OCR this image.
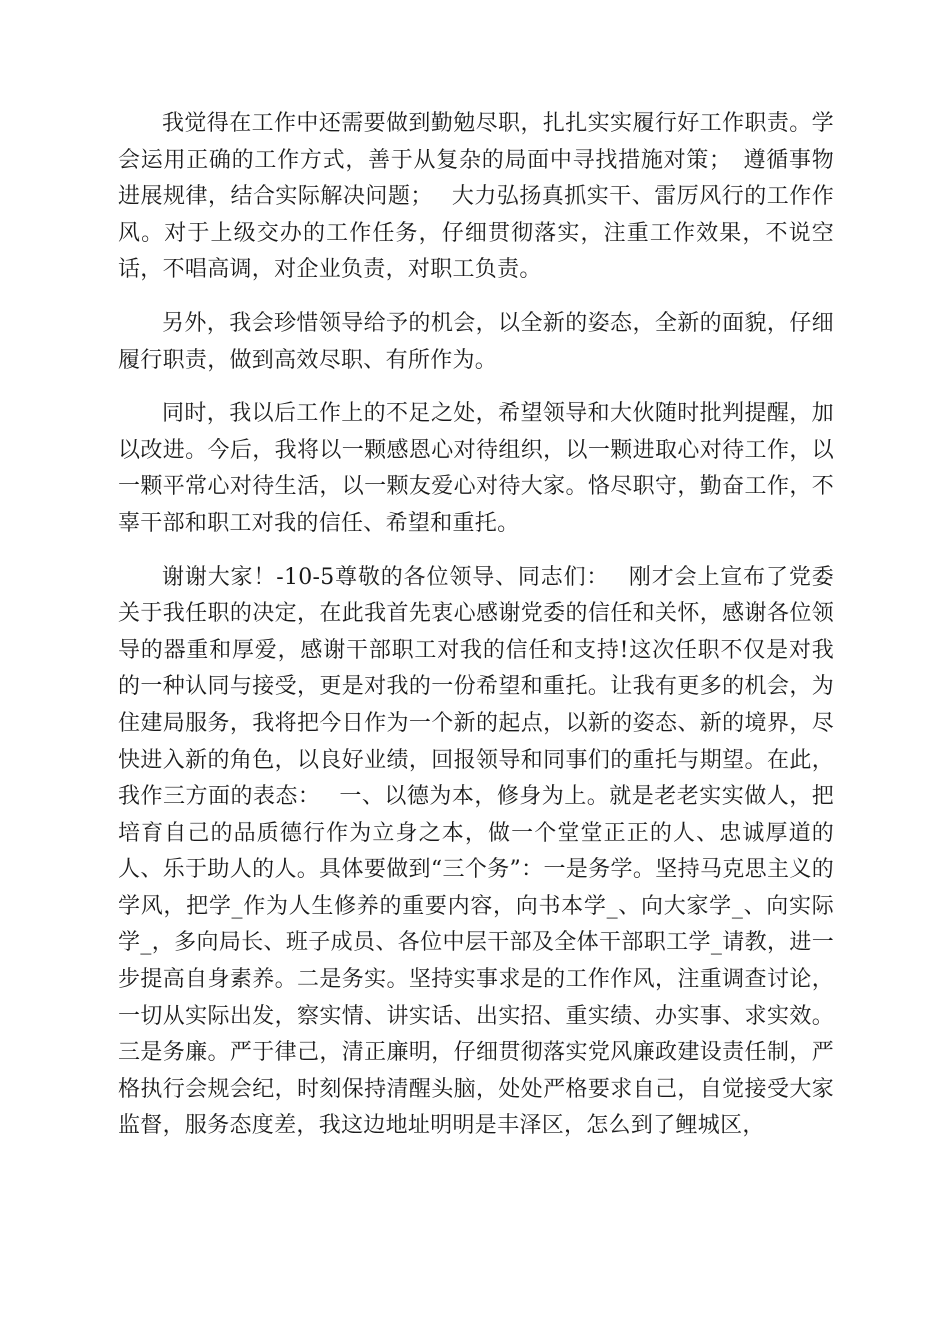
我觉得在工作中还需要做到勤勉尽职，扎扎实实履行好工作职责。学会运用正确的工作方式，善于从复杂的局面中寻找措施对策；　遵循事物进展规律，结合实际解决问题；　 大力弘扬真抓实干、雷厉风行的工作作风。对于上级交办的工作任务，仔细贯彻落实，注重工作效果，不说空话，不唱高调，对企业负责，对职工负责。

另外，我会珍惜领导给予的机会，以全新的姿态，全新的面貌，仔细履行职责，做到高效尽职、有所作为。

同时，我以后工作上的不足之处，希望领导和大伙随时批判提醒，加以改进。今后，我将以一颗感恩心对待组织，以一颗进取心对待工作，以一颗平常心对待生活，以一颗友爱心对待大家。恪尽职守，勤奋工作，不辜干部和职工对我的信任、希望和重托。

谢谢大家！-10-5尊敬的各位领导、同志们：　 刚才会上宣布了党委关于我任职的决定，在此我首先衷心感谢党委的信任和关怀，感谢各位领导的器重和厚爱，感谢干部职工对我的信任和支持!这次任职不仅是对我的一种认同与接受，更是对我的一份希望和重托。让我有更多的机会，为住建局服务，我将把今日作为一个新的起点，以新的姿态、新的境界，尽快进入新的角色，以良好业绩，回报领导和同事们的重托与期望。在此，我作三方面的表态：　 一、以德为本，修身为上。就是老老实实做人，把培育自己的品质德行作为立身之本，做一个堂堂正正的人、忠诚厚道的人、乐于助人的人。具体要做到“三个务”：一是务学。坚持马克思主义的学风，把学_作为人生修养的重要内容，向书本学_、向大家学_、向实际学_，多向局长、班子成员、各位中层干部及全体干部职工学_请教，进一步提高自身素养。二是务实。坚持实事求是的工作作风，注重调查讨论，一切从实际出发，察实情、讲实话、出实招、重实绩、办实事、求实效。三是务廉。严于律己，清正廉明，仔细贯彻落实党风廉政建设责任制，严格执行会规会纪，时刻保持清醒头脑，处处严格要求自己，自觉接受大家监督，服务态度差，我这边地址明明是丰泽区，怎么到了鲤城区，
